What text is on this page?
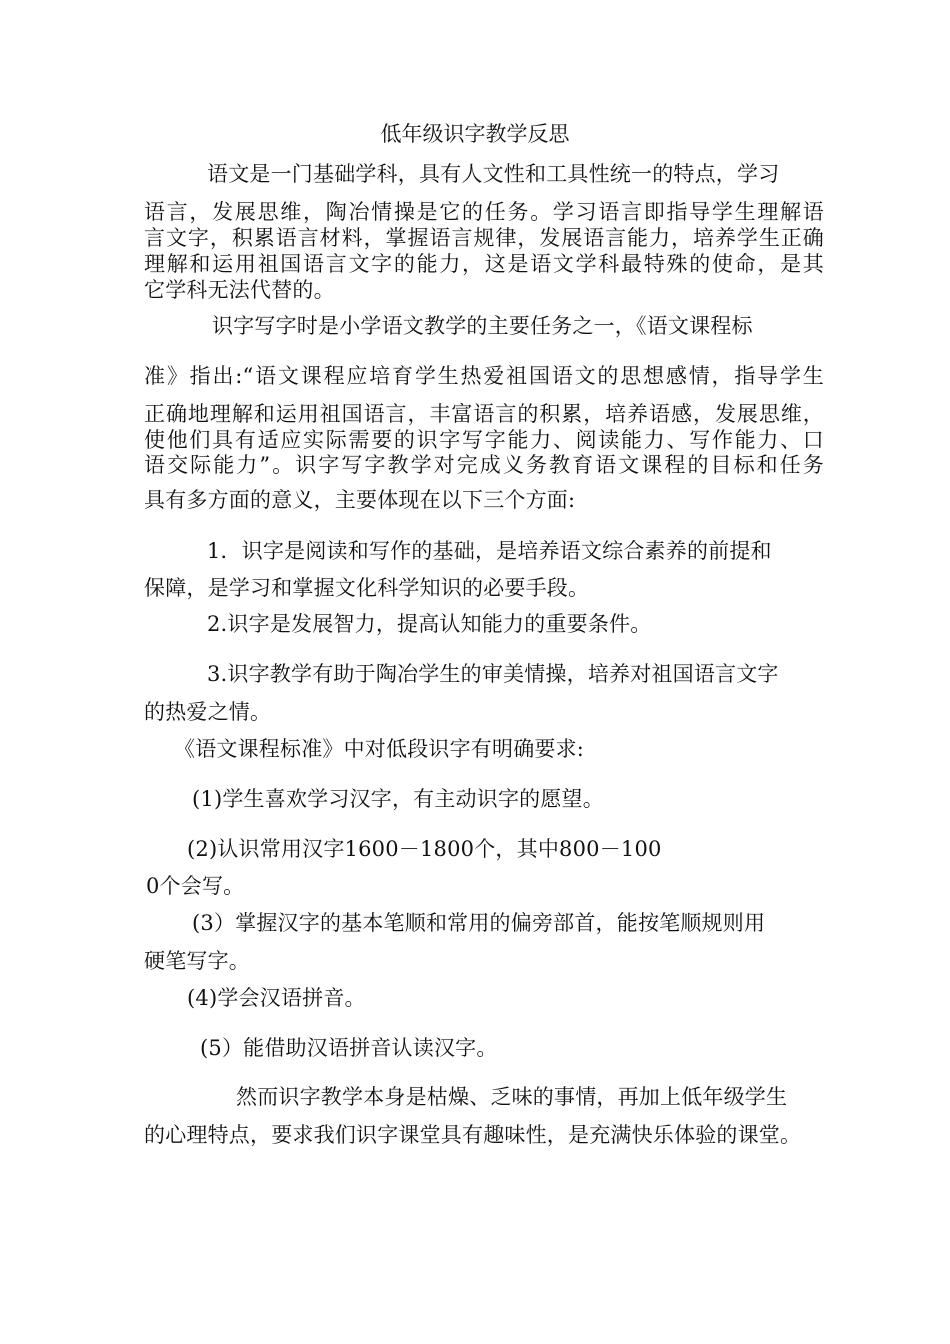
低年级识字教学反思
语文是一门基础学科，具有人文性和工具性统一的特点，学习
语言，发展思维，陶冶情操是它的任务。学习语言即指导学生理解语
言文字，积累语言材料，掌握语言规律，发展语言能力，培养学生正确
理解和运用祖国语言文字的能力，这是语文学科最特殊的使命，是其
它学科无法代替的。
识字写字时是小学语文教学的主要任务之一，《语文课程标
准》指出:“语文课程应培育学生热爱祖国语文的思想感情，指导学生
正确地理解和运用祖国语言，丰富语言的积累，培养语感，发展思维，
使他们具有适应实际需要的识字写字能力、阅读能力、写作能力、口
语交际能力”。识字写字教学对完成义务教育语文课程的目标和任务
具有多方面的意义，主要体现在以下三个方面:
1．识字是阅读和写作的基础，是培养语文综合素养的前提和
保障，是学习和掌握文化科学知识的必要手段。
2.识字是发展智力，提高认知能力的重要条件。
3.识字教学有助于陶冶学生的审美情操，培养对祖国语言文字
的热爱之情。
《语文课程标准》中对低段识字有明确要求:
(1)学生喜欢学习汉字，有主动识字的愿望。
(2)认识常用汉字1600－1800个，其中800－100
0个会写。
(3）掌握汉字的基本笔顺和常用的偏旁部首，能按笔顺规则用
硬笔写字。
(4)学会汉语拼音。
(5）能借助汉语拼音认读汉字。
然而识字教学本身是枯燥、乏味的事情，再加上低年级学生
的心理特点，要求我们识字课堂具有趣味性，是充满快乐体验的课堂。
